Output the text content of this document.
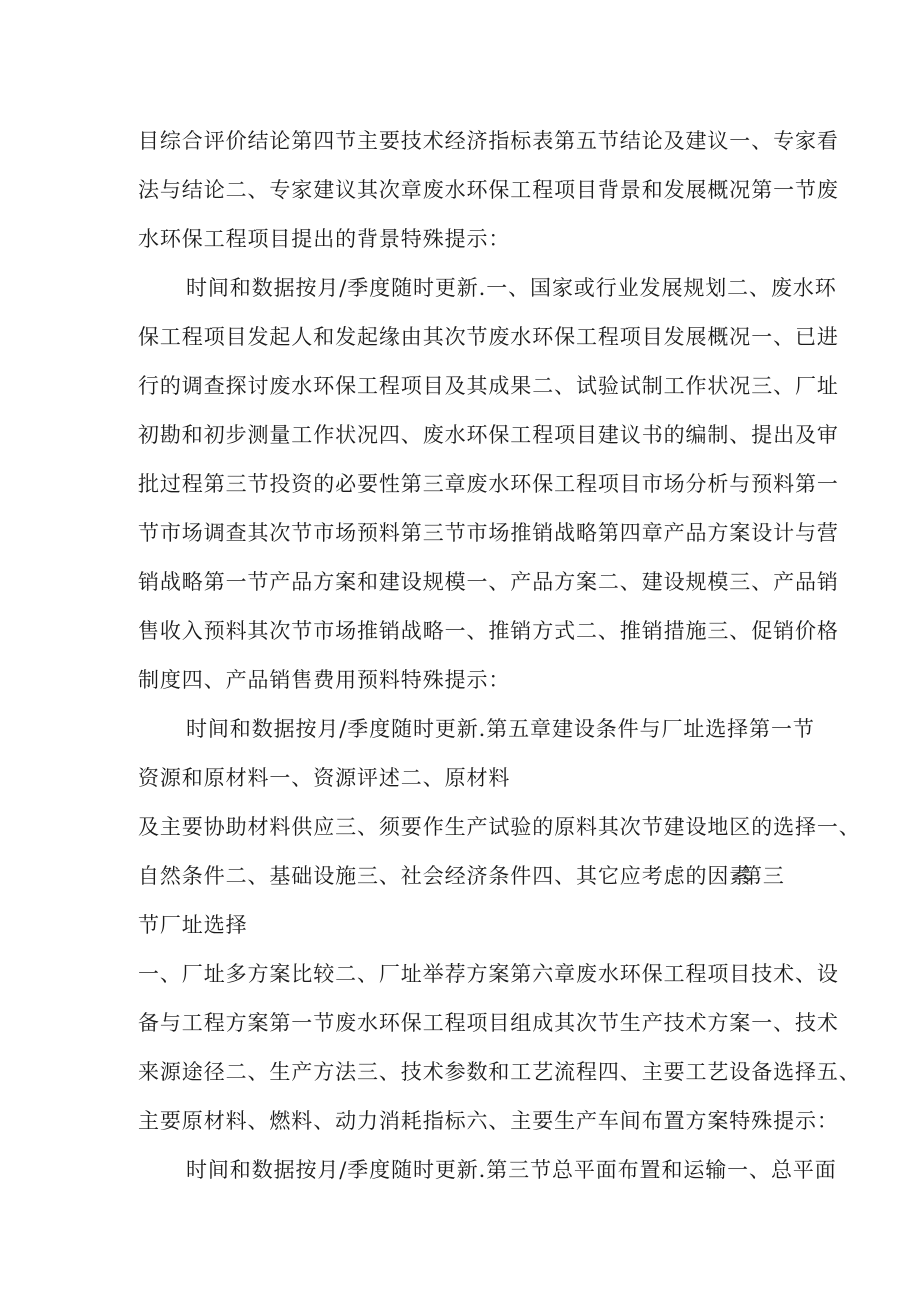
目综合评价结论第四节主要技术经济指标表第五节结论及建议一、专家看
法与结论二、专家建议其次章废水环保工程项目背景和发展概况第一节废
水环保工程项目提出的背景特殊提示：
时间和数据按月/季度随时更新.一、国家或行业发展规划二、废水环
保工程项目发起人和发起缘由其次节废水环保工程项目发展概况一、已进
行的调查探讨废水环保工程项目及其成果二、试验试制工作状况三、厂址
初勘和初步测量工作状况四、废水环保工程项目建议书的编制、提出及审
批过程第三节投资的必要性第三章废水环保工程项目市场分析与预料第一
节市场调查其次节市场预料第三节市场推销战略第四章产品方案设计与营
销战略第一节产品方案和建设规模一、产品方案二、建设规模三、产品销
售收入预料其次节市场推销战略一、推销方式二、推销措施三、促销价格
制度四、产品销售费用预料特殊提示：
时间和数据按月/季度随时更新.第五章建设条件与厂址选择第一节
资源和原材料一、资源评述二、原材料
及主要协助材料供应三、须要作生产试验的原料其次节建设地区的选择一、
自然条件二、基础设施三、社会经济条件四、其它应考虑的因素
第三
节厂址选择
一、厂址多方案比较二、厂址举荐方案第六章废水环保工程项目技术、设
备与工程方案第一节废水环保工程项目组成其次节生产技术方案一、技术
来源途径二、生产方法三、技术参数和工艺流程四、主要工艺设备选择五、
主要原材料、燃料、动力消耗指标六、主要生产车间布置方案特殊提示：
时间和数据按月/季度随时更新.第三节总平面布置和运输一、总平面
